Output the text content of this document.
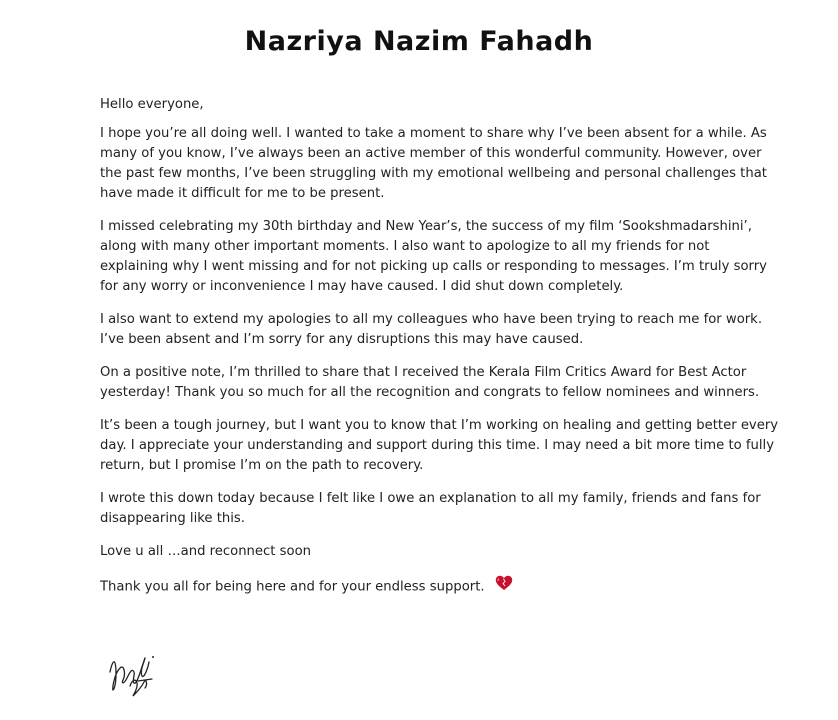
Nazriya Nazim Fahadh

Hello everyone,

I hope you’re all doing well. I wanted to take a moment to share why I’ve been absent for a while. As many of you know, I’ve always been an active member of this wonderful community. However, over the past few months, I’ve been struggling with my emotional wellbeing and personal challenges that have made it difficult for me to be present.

I missed celebrating my 30th birthday and New Year’s, the success of my film ‘Sookshmadarshini’, along with many other important moments. I also want to apologize to all my friends for not explaining why I went missing and for not picking up calls or responding to messages. I’m truly sorry for any worry or inconvenience I may have caused. I did shut down completely.

I also want to extend my apologies to all my colleagues who have been trying to reach me for work. I’ve been absent and I’m sorry for any disruptions this may have caused.

On a positive note, I’m thrilled to share that I received the Kerala Film Critics Award for Best Actor yesterday! Thank you so much for all the recognition and congrats to fellow nominees and winners.

It’s been a tough journey, but I want you to know that I’m working on healing and getting better every day. I appreciate your understanding and support during this time. I may need a bit more time to fully return, but I promise I’m on the path to recovery.

I wrote this down today because I felt like I owe an explanation to all my family, friends and fans for disappearing like this.

Love u all …and reconnect soon

Thank you all for being here and for your endless support.
